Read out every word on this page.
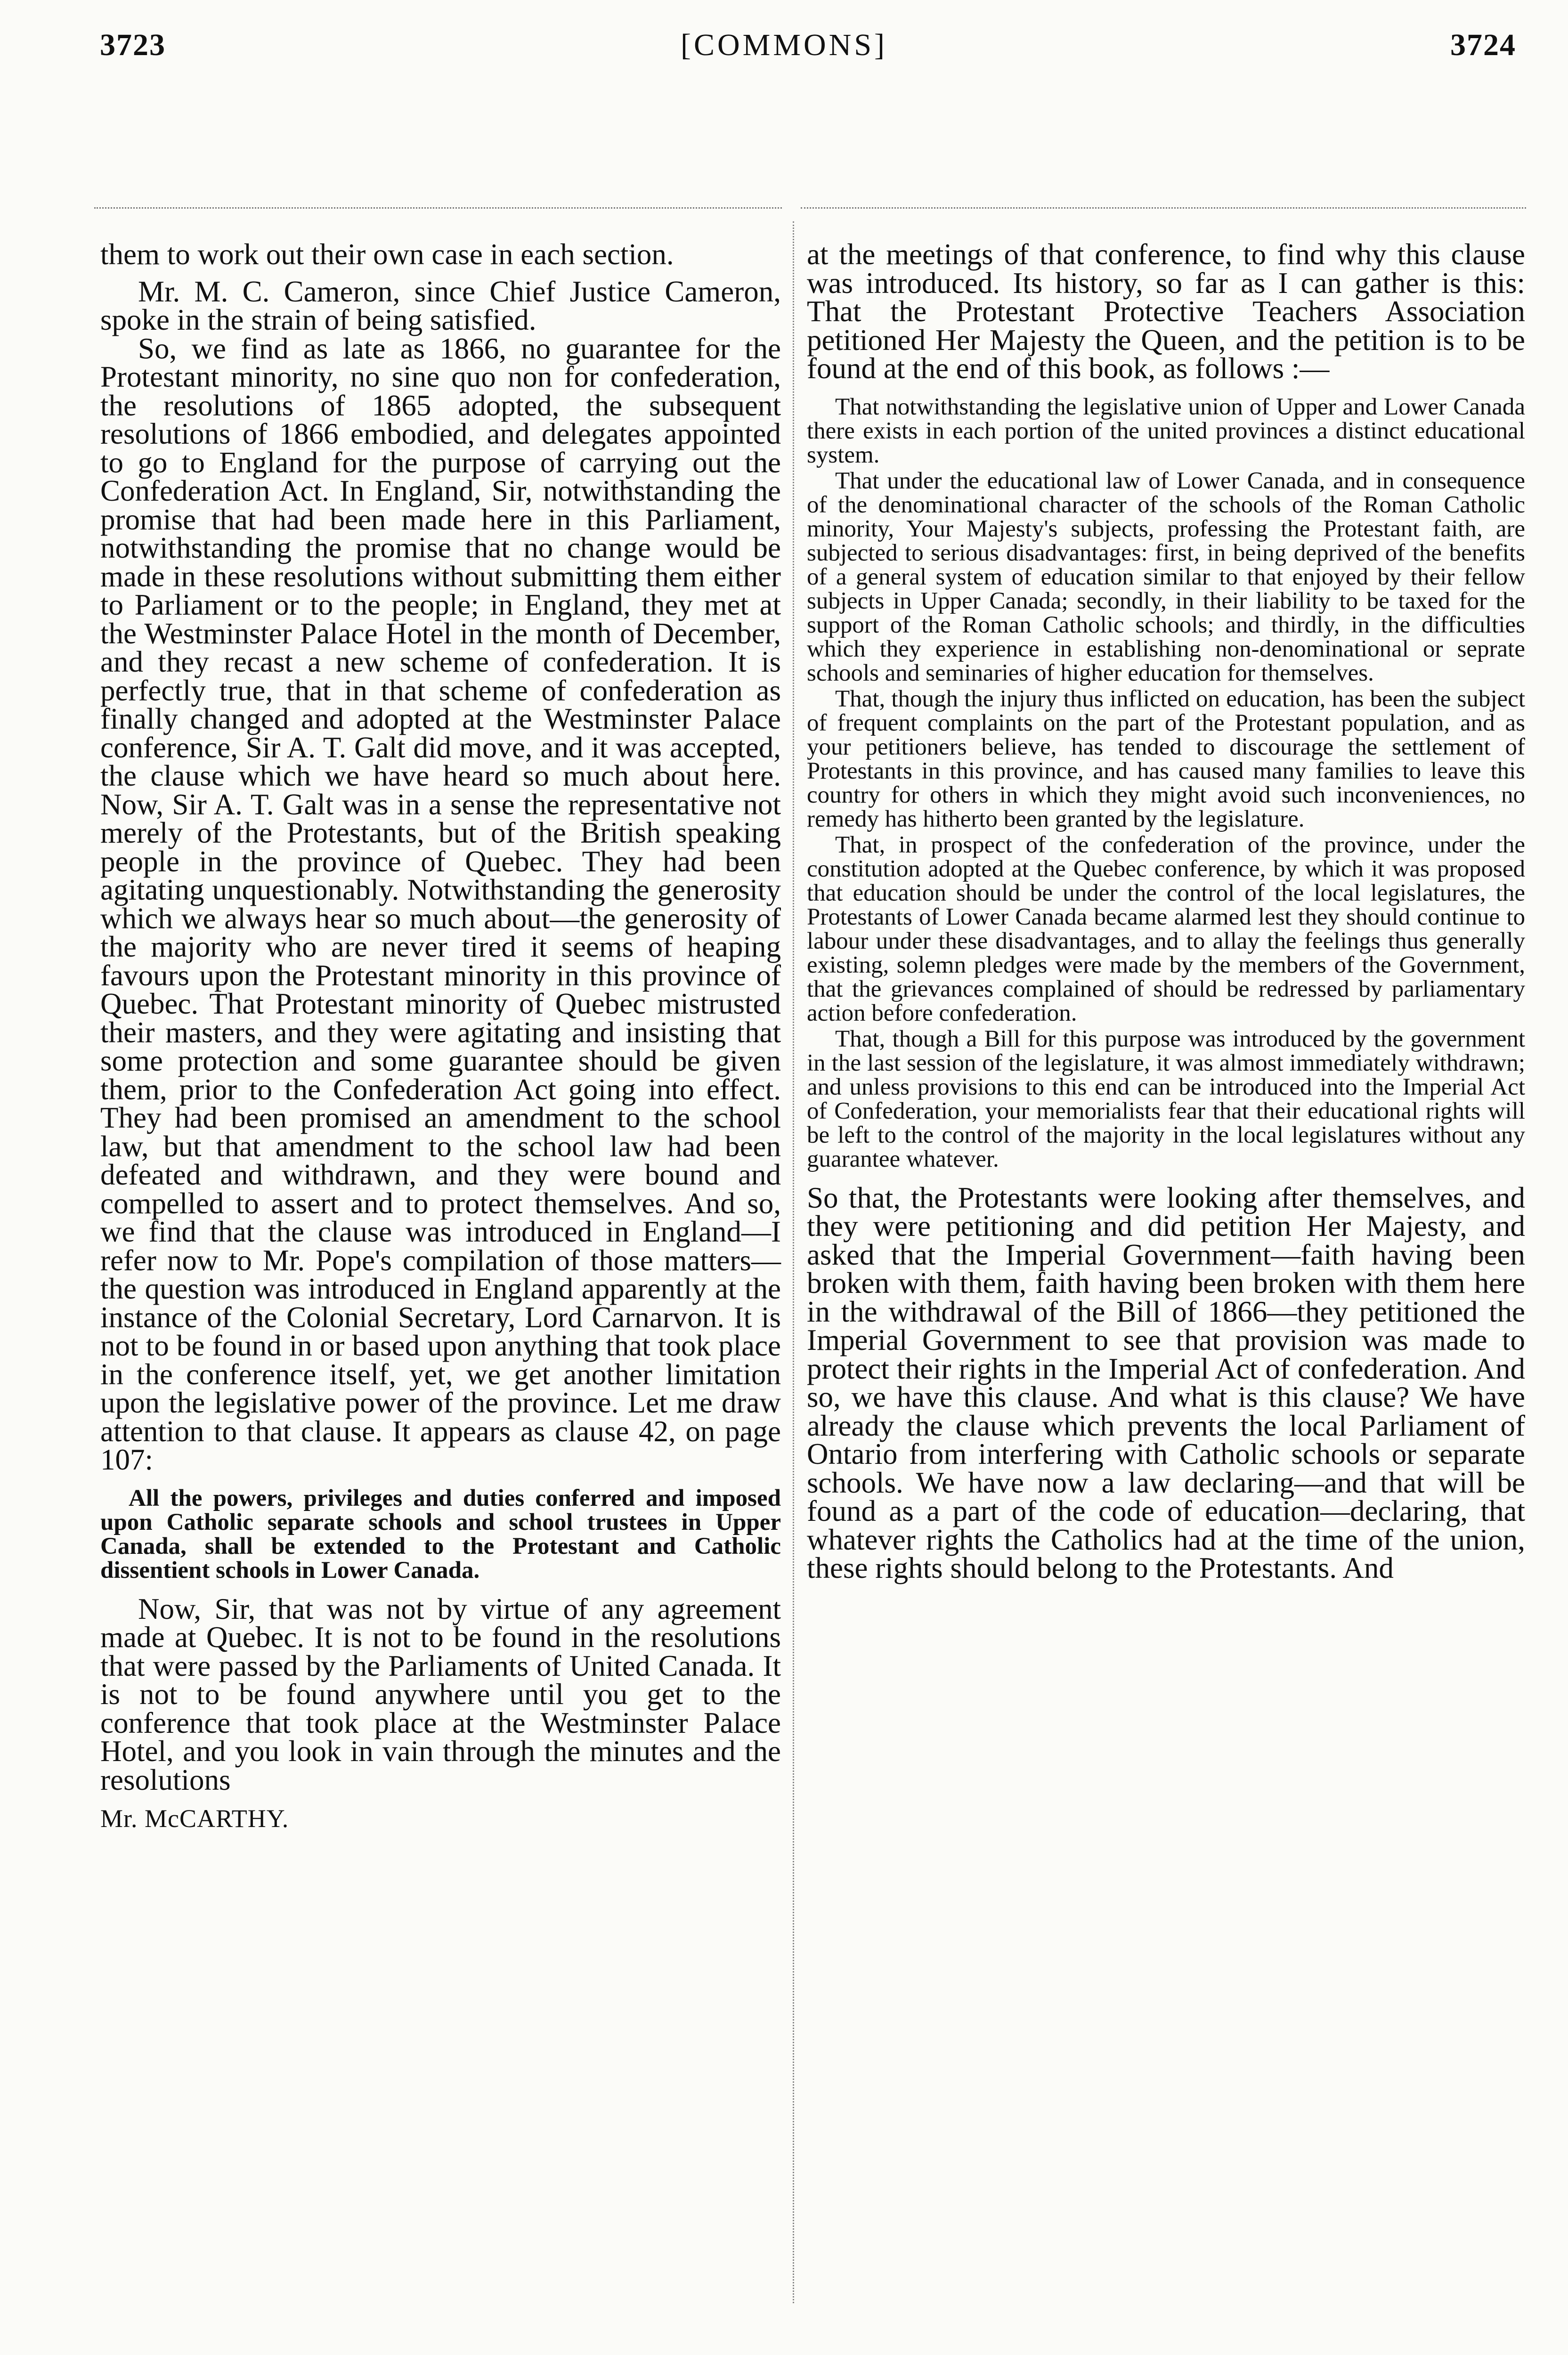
3723	[COMMONS]	3724

them to work out their own case in each section.

Mr. M. C. Cameron, since Chief Justice Cameron, spoke in the strain of being satisfied.

So, we find as late as 1866, no guarantee for the Protestant minority, no sine quo non for confederation, the resolutions of 1865 adopted, the subsequent resolutions of 1866 embodied, and delegates appointed to go to England for the purpose of carrying out the Confederation Act. In England, Sir, notwithstanding the promise that had been made here in this Parliament, notwithstanding the promise that no change would be made in these resolutions without submitting them either to Parliament or to the people; in England, they met at the Westminster Palace Hotel in the month of December, and they recast a new scheme of confederation. It is perfectly true, that in that scheme of confederation as finally changed and adopted at the Westminster Palace conference, Sir A. T. Galt did move, and it was accepted, the clause which we have heard so much about here. Now, Sir A. T. Galt was in a sense the representative not merely of the Protestants, but of the British speaking people in the province of Quebec. They had been agitating unquestionably. Notwithstanding the generosity which we always hear so much about—the generosity of the majority who are never tired it seems of heaping favours upon the Protestant minority in this province of Quebec. That Protestant minority of Quebec mistrusted their masters, and they were agitating and insisting that some protection and some guarantee should be given them, prior to the Confederation Act going into effect. They had been promised an amendment to the school law, but that amendment to the school law had been defeated and withdrawn, and they were bound and compelled to assert and to protect themselves. And so, we find that the clause was introduced in England—I refer now to Mr. Pope's compilation of those matters—the question was introduced in England apparently at the instance of the Colonial Secretary, Lord Carnarvon. It is not to be found in or based upon anything that took place in the conference itself, yet, we get another limitation upon the legislative power of the province. Let me draw attention to that clause. It appears as clause 42, on page 107:

All the powers, privileges and duties conferred and imposed upon Catholic separate schools and school trustees in Upper Canada, shall be extended to the Protestant and Catholic dissentient schools in Lower Canada.

Now, Sir, that was not by virtue of any agreement made at Quebec. It is not to be found in the resolutions that were passed by the Parliaments of United Canada. It is not to be found anywhere until you get to the conference that took place at the Westminster Palace Hotel, and you look in vain through the minutes and the resolutions

Mr. McCARTHY.

at the meetings of that conference, to find why this clause was introduced. Its history, so far as I can gather is this: That the Protestant Protective Teachers Association petitioned Her Majesty the Queen, and the petition is to be found at the end of this book, as follows :—

That notwithstanding the legislative union of Upper and Lower Canada there exists in each portion of the united provinces a distinct educational system.

That under the educational law of Lower Canada, and in consequence of the denominational character of the schools of the Roman Catholic minority, Your Majesty's subjects, professing the Protestant faith, are subjected to serious disadvantages: first, in being deprived of the benefits of a general system of education similar to that enjoyed by their fellow subjects in Upper Canada; secondly, in their liability to be taxed for the support of the Roman Catholic schools; and thirdly, in the difficulties which they experience in establishing non-denominational or seprate schools and seminaries of higher education for themselves.

That, though the injury thus inflicted on education, has been the subject of frequent complaints on the part of the Protestant population, and as your petitioners believe, has tended to discourage the settlement of Protestants in this province, and has caused many families to leave this country for others in which they might avoid such inconveniences, no remedy has hitherto been granted by the legislature.

That, in prospect of the confederation of the province, under the constitution adopted at the Quebec conference, by which it was proposed that education should be under the control of the local legislatures, the Protestants of Lower Canada became alarmed lest they should continue to labour under these disadvantages, and to allay the feelings thus generally existing, solemn pledges were made by the members of the Government, that the grievances complained of should be redressed by parliamentary action before confederation.

That, though a Bill for this purpose was introduced by the government in the last session of the legislature, it was almost immediately withdrawn; and unless provisions to this end can be introduced into the Imperial Act of Confederation, your memorialists fear that their educational rights will be left to the control of the majority in the local legislatures without any guarantee whatever.

So that, the Protestants were looking after themselves, and they were petitioning and did petition Her Majesty, and asked that the Imperial Government—faith having been broken with them, faith having been broken with them here in the withdrawal of the Bill of 1866—they petitioned the Imperial Government to see that provision was made to protect their rights in the Imperial Act of confederation. And so, we have this clause. And what is this clause? We have already the clause which prevents the local Parliament of Ontario from interfering with Catholic schools or separate schools. We have now a law declaring—and that will be found as a part of the code of education—declaring, that whatever rights the Catholics had at the time of the union, these rights should belong to the Protestants. And
